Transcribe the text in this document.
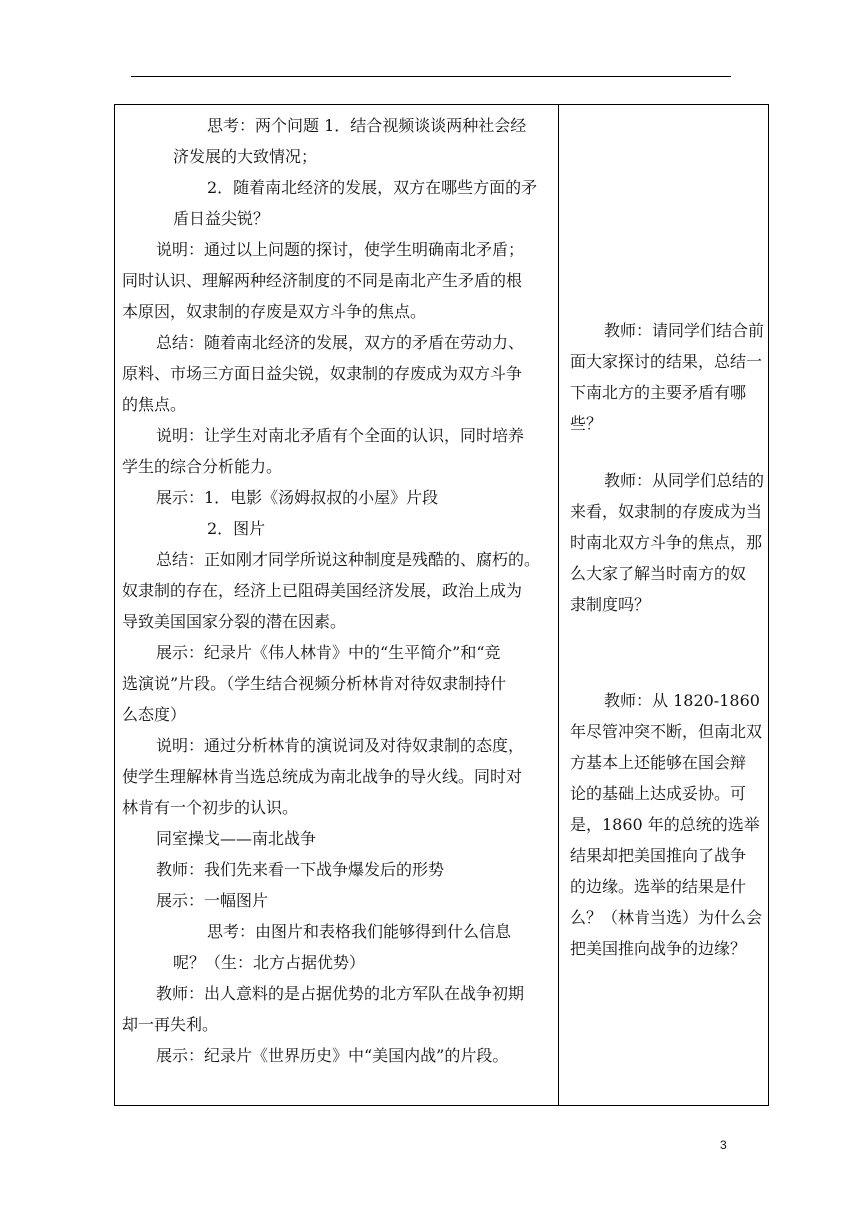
思考：两个问题 1．结合视频谈谈两种社会经
济发展的大致情况；
2．随着南北经济的发展，双方在哪些方面的矛
盾日益尖锐？
说明：通过以上问题的探讨，使学生明确南北矛盾；
同时认识、理解两种经济制度的不同是南北产生矛盾的根
本原因，奴隶制的存废是双方斗争的焦点。
总结：随着南北经济的发展，双方的矛盾在劳动力、
原料、市场三方面日益尖锐，奴隶制的存废成为双方斗争
的焦点。
说明：让学生对南北矛盾有个全面的认识，同时培养
学生的综合分析能力。
展示：1．电影《汤姆叔叔的小屋》片段
2．图片
总结：正如刚才同学所说这种制度是残酷的、腐朽的。
奴隶制的存在，经济上已阻碍美国经济发展，政治上成为
导致美国国家分裂的潜在因素。
展示：纪录片《伟人林肯》中的“生平简介”和“竞
选演说”片段。（学生结合视频分析林肯对待奴隶制持什
么态度）
说明：通过分析林肯的演说词及对待奴隶制的态度，
使学生理解林肯当选总统成为南北战争的导火线。同时对
林肯有一个初步的认识。
同室操戈——南北战争
教师：我们先来看一下战争爆发后的形势
展示：一幅图片
思考：由图片和表格我们能够得到什么信息
呢？（生：北方占据优势）
教师：出人意料的是占据优势的北方军队在战争初期
却一再失利。
展示：纪录片《世界历史》中“美国内战”的片段。
教师：请同学们结合前
面大家探讨的结果，总结一
下南北方的主要矛盾有哪
些？
教师：从同学们总结的
来看，奴隶制的存废成为当
时南北双方斗争的焦点，那
么大家了解当时南方的奴
隶制度吗？
教师：从 1820-1860
年尽管冲突不断，但南北双
方基本上还能够在国会辩
论的基础上达成妥协。可
是，1860 年的总统的选举
结果却把美国推向了战争
的边缘。选举的结果是什
么？（林肯当选）为什么会
把美国推向战争的边缘？
3
